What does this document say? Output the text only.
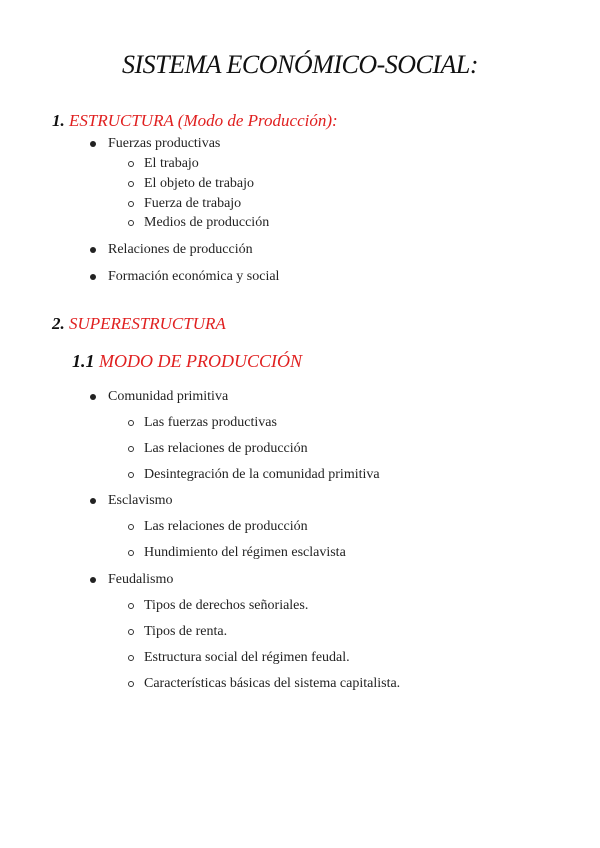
SISTEMA ECONÓMICO-SOCIAL:
1. ESTRUCTURA (Modo de Producción):
Fuerzas productivas
El trabajo
El objeto de trabajo
Fuerza de trabajo
Medios de producción
Relaciones de producción
Formación económica y social
2. SUPERESTRUCTURA
1.1 MODO DE PRODUCCIÓN
Comunidad primitiva
Las fuerzas productivas
Las relaciones de producción
Desintegración de la comunidad primitiva
Esclavismo
Las relaciones de producción
Hundimiento del régimen esclavista
Feudalismo
Tipos de derechos señoriales.
Tipos de renta.
Estructura social del régimen feudal.
Características básicas del sistema capitalista.
